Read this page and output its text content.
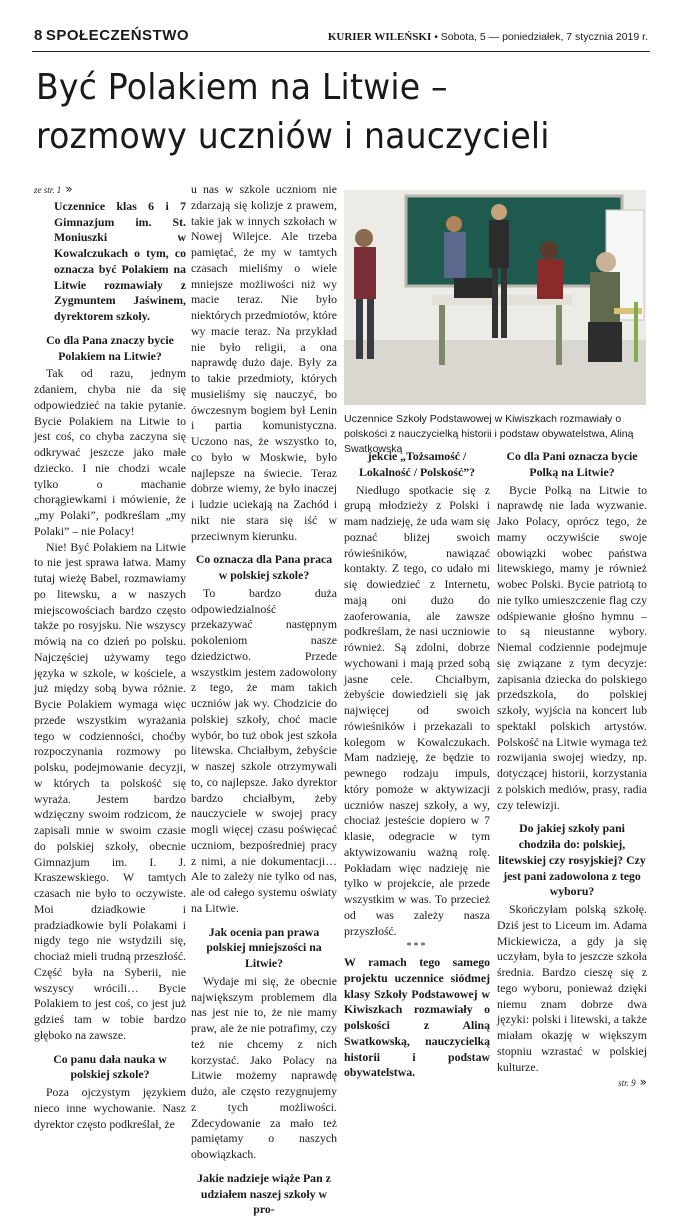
8 SPOŁECZEŃSTWO	KURIER WILEŃSKI • Sobota, 5 — poniedziałek, 7 stycznia 2019 r.
Być Polakiem na Litwie –
rozmowy uczniów i nauczycieli

ze str. 1 »

Uczennice klas 6 i 7 Gimnazjum im. St. Moniuszki w Kowalczukach o tym, co oznacza być Polakiem na Litwie rozmawiały z Zygmuntem Jaświnem, dyrektorem szkoły.

Co dla Pana znaczy bycie Polakiem na Litwie?

Tak od razu, jednym zdaniem, chyba nie da się odpowiedzieć na takie pytanie. Bycie Polakiem na Litwie to jest coś, co chyba zaczyna się odkrywać jeszcze jako małe dziecko. I nie chodzi wcale tylko o machanie chorągiewkami i mówienie, że „my Polaki”, podkreślam „my Polaki” – nie Polacy!

Nie! Być Polakiem na Litwie to nie jest sprawa łatwa. Mamy tutaj wieżę Babel, rozmawiamy po litewsku, a w naszych miejscowościach bardzo często także po rosyjsku. Nie wszyscy mówią na co dzień po polsku. Najczęściej używamy tego języka w szkole, w kościele, a już między sobą bywa różnie. Bycie Polakiem wymaga więc przede wszystkim wyrażania tego w codzienności, choćby rozpoczynania rozmowy po polsku, podejmowanie decyzji, w których ta polskość się wyraża. Jestem bardzo wdzięczny swoim rodzicom, że zapisali mnie w swoim czasie do polskiej szkoły, obecnie Gimnazjum im. I. J. Kraszewskiego. W tamtych czasach nie było to oczywiste. Moi dziadkowie i pradziadkowie byli Polakami i nigdy tego nie wstydzili się, chociaż mieli trudną przeszłość. Część była na Syberii, nie wszyscy wrócili… Bycie Polakiem to jest coś, co jest już gdzieś tam w tobie bardzo głęboko na zawsze.

Co panu dała nauka w polskiej szkole?

Poza ojczystym językiem nieco inne wychowanie. Nasz dyrektor często podkreślał, że

u nas w szkole uczniom nie zdarzają się kolizje z prawem, takie jak w innych szkołach w Nowej Wilejce. Ale trzeba pamiętać, że my w tamtych czasach mieliśmy o wiele mniejsze możliwości niż wy macie teraz. Nie było niektórych przedmiotów, które wy macie teraz. Na przykład nie było religii, a ona naprawdę dużo daje. Były za to takie przedmioty, których musieliśmy się nauczyć, bo ówczesnym bogiem był Lenin i partia komunistyczna. Uczono nas, że wszystko to, co było w Moskwie, było najlepsze na świecie. Teraz dobrze wiemy, że było inaczej i ludzie uciekają na Zachód i nikt nie stara się iść w przeciwnym kierunku.

Co oznacza dla Pana praca w polskiej szkole?

To bardzo duża odpowiedzialność przekazywać następnym pokoleniom nasze dziedzictwo. Przede wszystkim jestem zadowolony z tego, że mam takich uczniów jak wy. Chodzicie do polskiej szkoły, choć macie wybór, bo tuż obok jest szkoła litewska. Chciałbym, żebyście w naszej szkole otrzymywali to, co najlepsze. Jako dyrektor bardzo chciałbym, żeby nauczyciele w swojej pracy mogli więcej czasu poświęcać uczniom, bezpośredniej pracy z nimi, a nie dokumentacji… Ale to zależy nie tylko od nas, ale od całego systemu oświaty na Litwie.

Jak ocenia pan prawa polskiej mniejszości na Litwie?

Wydaje mi się, że obecnie największym problemem dla nas jest nie to, że nie mamy praw, ale że nie potrafimy, czy też nie chcemy z nich korzystać. Jako Polacy na Litwie możemy naprawdę dużo, ale często rezygnujemy z tych możliwości. Zdecydowanie za mało też pamiętamy o naszych obowiązkach.

Jakie nadzieje wiąże Pan z udziałem naszej szkoły w pro-

Uczennice Szkoły Podstawowej w Kiwiszkach rozmawiały o polskości z nauczycielką historii i podstaw obywatelstwa, Aliną Swatkowską

jekcie „Tożsamość / Lokalność / Polskość”?

Niedługo spotkacie się z grupą młodzieży z Polski i mam nadzieję, że uda wam się poznać bliżej swoich rówieśników, nawiązać kontakty. Z tego, co udało mi się dowiedzieć z Internetu, mają oni dużo do zaoferowania, ale zawsze podkreślam, że nasi uczniowie również. Są zdolni, dobrze wychowani i mają przed sobą jasne cele. Chciałbym, żebyście dowiedzieli się jak najwięcej od swoich rówieśników i przekazali to kolegom w Kowalczukach. Mam nadzieję, że będzie to pewnego rodzaju impuls, który pomoże w aktywizacji uczniów naszej szkoły, a wy, chociaż jesteście dopiero w 7 klasie, odegracie w tym aktywizowaniu ważną rolę. Pokładam więc nadzieję nie tylko w projekcie, ale przede wszystkim w was. To przecież od was zależy nasza przyszłość.

***

W ramach tego samego projektu uczennice siódmej klasy Szkoły Podstawowej w Kiwiszkach rozmawiały o polskości z Aliną Swatkowską, nauczycielką historii i podstaw obywatelstwa.

Co dla Pani oznacza bycie Polką na Litwie?

Bycie Polką na Litwie to naprawdę nie lada wyzwanie. Jako Polacy, oprócz tego, że mamy oczywiście swoje obowiązki wobec państwa litewskiego, mamy je również wobec Polski. Bycie patriotą to nie tylko umieszczenie flag czy odśpiewanie głośno hymnu – to są nieustanne wybory. Niemal codziennie podejmuje się związane z tym decyzje: zapisania dziecka do polskiego przedszkola, do polskiej szkoły, wyjścia na koncert lub spektakl polskich artystów. Polskość na Litwie wymaga też rozwijania swojej wiedzy, np. dotyczącej historii, korzystania z polskich mediów, prasy, radia czy telewizji.

Do jakiej szkoły pani chodziła do: polskiej, litewskiej czy rosyjskiej? Czy jest pani zadowolona z tego wyboru?

Skończyłam polską szkołę. Dziś jest to Liceum im. Adama Mickiewicza, a gdy ja się uczyłam, była to jeszcze szkoła średnia. Bardzo cieszę się z tego wyboru, ponieważ dzięki niemu znam dobrze dwa języki: polski i litewski, a także miałam okazję w większym stopniu wzrastać w polskiej kulturze.

str. 9 »
